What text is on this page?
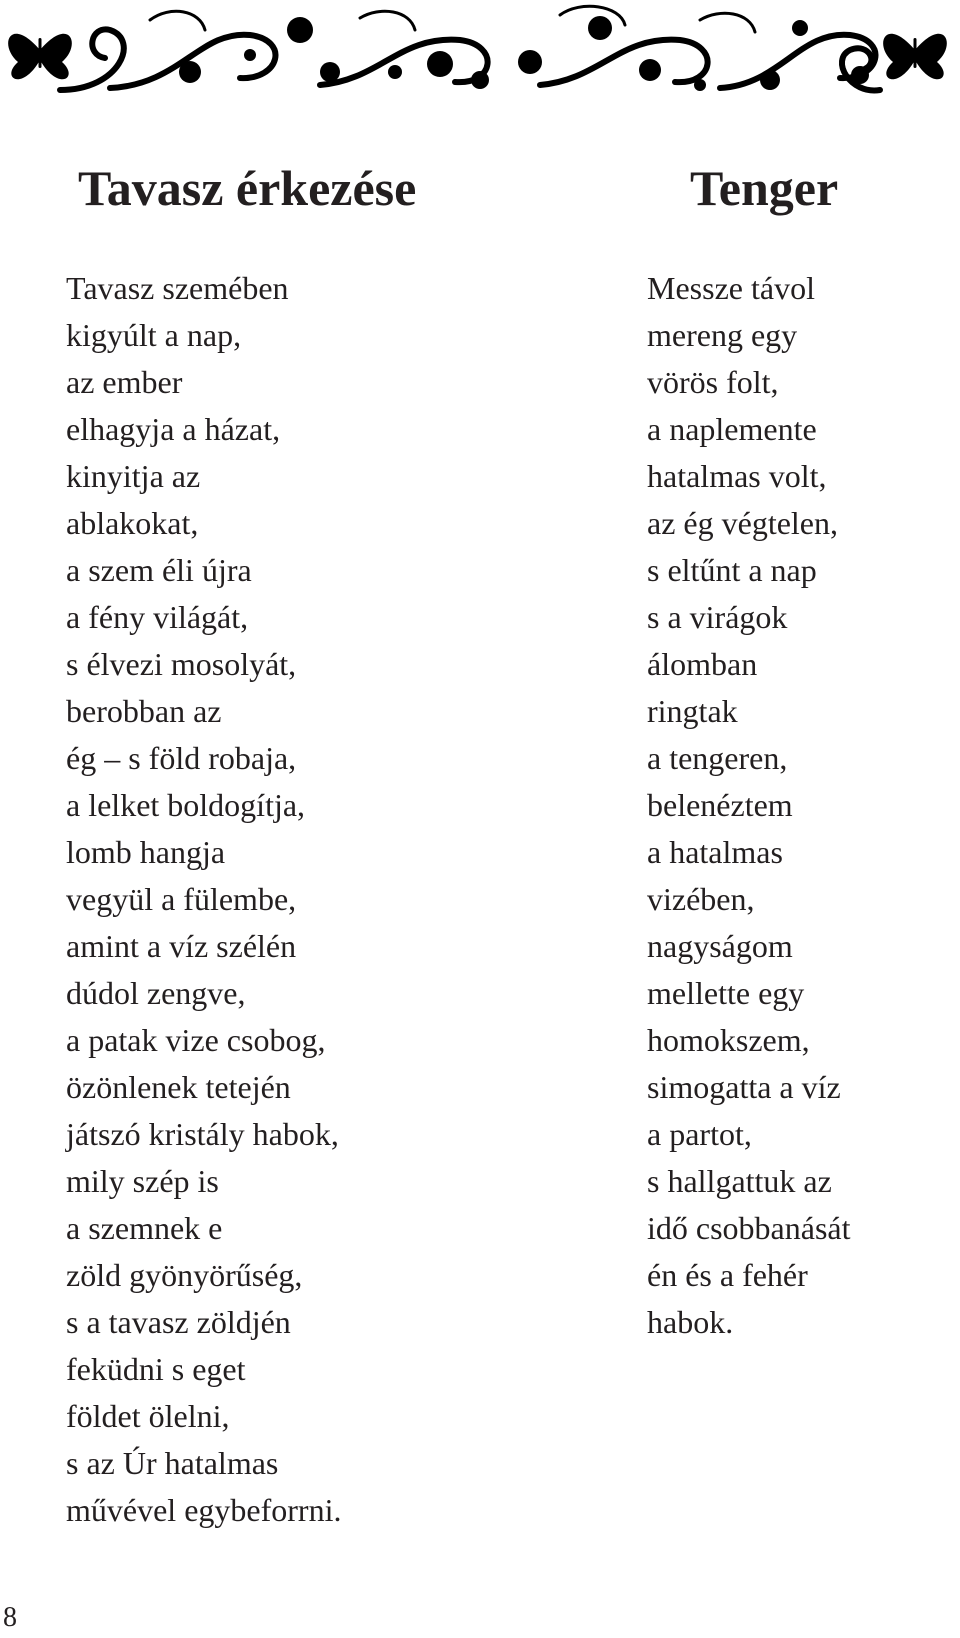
Tavasz érkezése	Tenger
Tavasz szemében
kigyúlt a nap,
az ember
elhagyja a házat,
kinyitja az
ablakokat,
a szem éli újra
a fény világát,
s élvezi mosolyát,
berobban az
ég – s föld robaja,
a lelket boldogítja,
lomb hangja
vegyül a fülembe,
amint a víz szélén
dúdol zengve,
a patak vize csobog,
özönlenek tetején
játszó kristály habok,
mily szép is
a szemnek e
zöld gyönyörűség,
s a tavasz zöldjén
feküdni s eget
földet ölelni,
s az Úr hatalmas
művével egybeforrni.
Messze távol
mereng egy
vörös folt,
a naplemente
hatalmas volt,
az ég végtelen,
s eltűnt a nap
s a virágok
álomban
ringtak
a tengeren,
belenéztem
a hatalmas
vizében,
nagyságom
mellette egy
homokszem,
simogatta a víz
a partot,
s hallgattuk az
idő csobbanását
én és a fehér
habok.
8
